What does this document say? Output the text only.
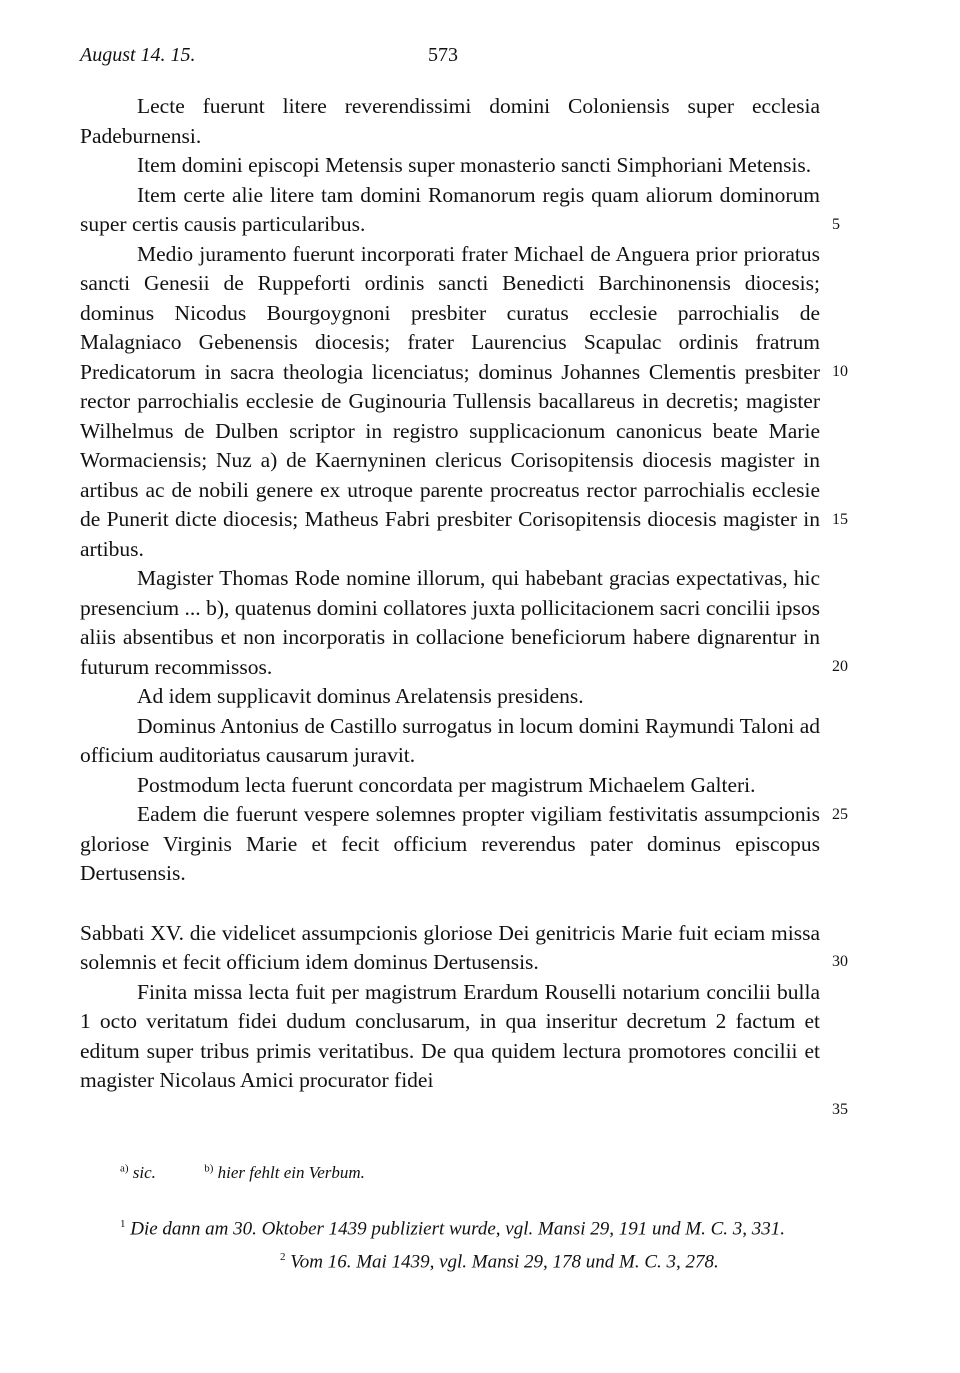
August 14. 15.	573

Lecte fuerunt litere reverendissimi domini Coloniensis super ecclesia Padeburnensi.

Item domini episcopi Metensis super monasterio sancti Simphoriani Metensis.

Item certe alie litere tam domini Romanorum regis quam aliorum dominorum super certis causis particularibus.

Medio juramento fuerunt incorporati frater Michael de Anguera prior prioratus sancti Genesii de Ruppeforti ordinis sancti Benedicti Barchinonensis diocesis; dominus Nicodus Bourgoygnoni presbiter curatus ecclesie parrochialis de Malagniaco Gebenensis diocesis; frater Laurencius Scapulac ordinis fratrum Predicatorum in sacra theologia licenciatus; dominus Johannes Clementis presbiter rector parrochialis ecclesie de Guginouria Tullensis bacallareus in decretis; magister Wilhelmus de Dulben scriptor in registro supplicacionum canonicus beate Marie Wormaciensis; Nuz a) de Kaernyninen clericus Corisopitensis diocesis magister in artibus ac de nobili genere ex utroque parente procreatus rector parrochialis ecclesie de Punerit dicte diocesis; Matheus Fabri presbiter Corisopitensis diocesis magister in artibus.

Magister Thomas Rode nomine illorum, qui habebant gracias expectativas, hic presencium ... b), quatenus domini collatores juxta pollicitacionem sacri concilii ipsos aliis absentibus et non incorporatis in collacione beneficiorum habere dignarentur in futurum recommissos.

Ad idem supplicavit dominus Arelatensis presidens.

Dominus Antonius de Castillo surrogatus in locum domini Raymundi Taloni ad officium auditoriatus causarum juravit.

Postmodum lecta fuerunt concordata per magistrum Michaelem Galteri.

Eadem die fuerunt vespere solemnes propter vigiliam festivitatis assumpcionis gloriose Virginis Marie et fecit officium reverendus pater dominus episcopus Dertusensis.

Sabbati XV. die videlicet assumpcionis gloriose Dei genitricis Marie fuit eciam missa solemnis et fecit officium idem dominus Dertusensis.

Finita missa lecta fuit per magistrum Erardum Rouselli notarium concilii bulla 1 octo veritatum fidei dudum conclusarum, in qua inseritur decretum 2 factum et editum super tribus primis veritatibus. De qua quidem lectura promotores concilii et magister Nicolaus Amici procurator fidei

5
10
15
20
25
30
35
$^{a)}$ sic.	$^{b)}$ hier fehlt ein Verbum.

$^1$ Die dann am 30. Oktober 1439 publiziert wurde, vgl. Mansi 29, 191 und M. C. 3, 331.

$^2$ Vom 16. Mai 1439, vgl. Mansi 29, 178 und M. C. 3, 278.
